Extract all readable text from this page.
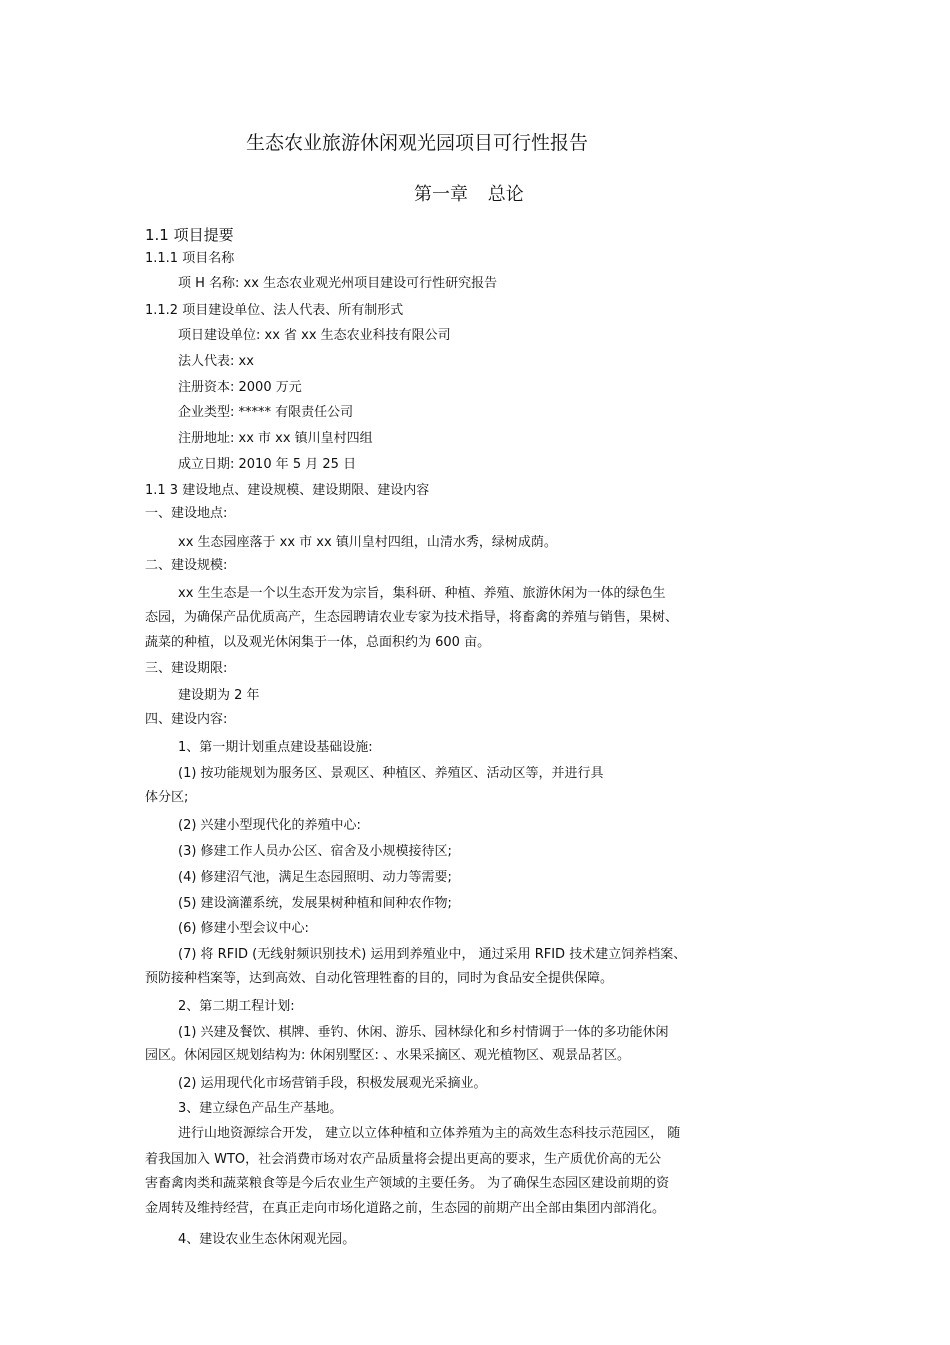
生态农业旅游休闲观光园项目可行性报告
第一章 总论
1.1 项目提要
1.1.1 项目名称
项 H 名称: xx 生态农业观光州项目建设可行性研究报告
1.1.2 项目建设单位、法人代表、所有制形式
项日建设单位: xx 省 xx 生态农业科技有限公司
法人代表: xx
注册资本: 2000 万元
企业类型: ***** 有限责任公司
注册地址: xx 市 xx 镇川皇村四组
成立日期: 2010 年 5 月 25 日
1.1 3 建设地点、建设规模、建设期限、建设内容
一、建设地点:
xx 生态园座落于 xx 市 xx 镇川皇村四组，山清水秀，绿树成荫。
二、建设规模:
xx 生生态是一个以生态开发为宗旨，集科研、种植、养殖、旅游休闲为一体的绿色生
态园，为确保产品优质高产，生态园聘请农业专家为技术指导，将畜禽的养殖与销售，果树、
蔬菜的种植，以及观光休闲集于一体，总面积约为 600 亩。
三、建设期限:
建设期为 2 年
四、建设内容:
1、第一期计划重点建设基础设施:
(1) 按功能规划为服务区、景观区、种植区、养殖区、活动区等，并进行具
体分区;
(2) 兴建小型现代化的养殖中心:
(3) 修建工作人员办公区、宿舍及小规模接待区;
(4) 修建沼气池，满足生态园照明、动力等需要;
(5) 建设滴灌系统，发展果树种植和间种农作物;
(6) 修建小型会议中心:
(7) 将 RFID (无线射频识别技术) 运用到养殖业中， 通过采用 RFID 技术建立饲养档案、
预防接种档案等，达到高效、自动化管理牲畜的目的，同时为食品安全提供保障。
2、第二期工程计划:
(1) 兴建及餐饮、棋牌、垂钓、休闲、游乐、园林绿化和乡村情调于一体的多功能休闲
园区。休闲园区规划结构为: 休闲别墅区: 、水果采摘区、观光植物区、观景品茗区。
(2) 运用现代化市场营销手段，积极发展观光采摘业。
3、建立绿色产品生产基地。
进行山地资源综合开发， 建立以立体种植和立体养殖为主的高效生态科技示范园区， 随
着我国加入 WTO，社会消费市场对农产品质量将会提出更高的要求，生产质优价高的无公
害畜禽肉类和蔬菜粮食等是今后农业生产领域的主要任务。 为了确保生态园区建设前期的资
金周转及维持经营，在真正走向市场化道路之前，生态园的前期产出全部由集团内部消化。
4、建设农业生态休闲观光园。
